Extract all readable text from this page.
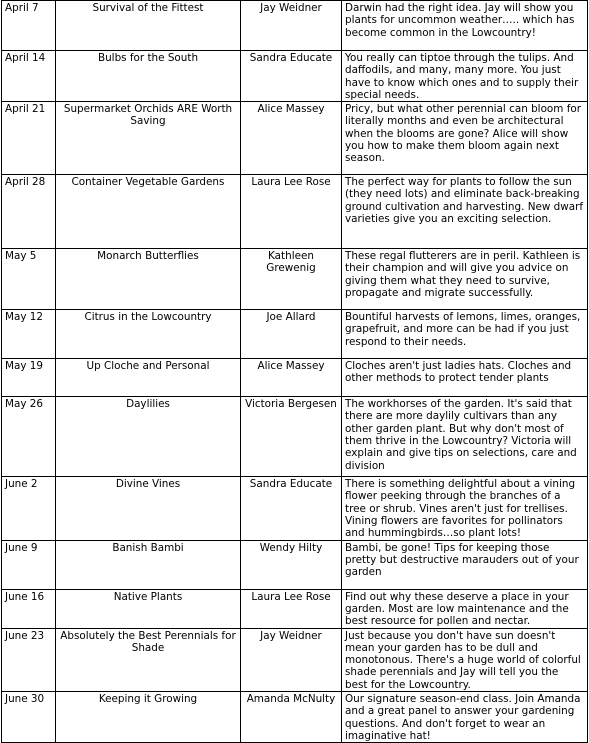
April 7	Survival of the Fittest	Jay Weidner	Darwin had the right idea. Jay will show you plants for uncommon weather….. which has become common in the Lowcountry!
April 14	Bulbs for the South	Sandra Educate	You really can tiptoe through the tulips. And daffodils, and many, many more. You just have to know which ones and to supply their special needs.
April 21	Supermarket Orchids ARE Worth Saving	Alice Massey	Pricy, but what other perennial can bloom for literally months and even be architectural when the blooms are gone? Alice will show you how to make them bloom again next season.
April 28	Container Vegetable Gardens	Laura Lee Rose	The perfect way for plants to follow the sun (they need lots) and eliminate back-breaking ground cultivation and harvesting. New dwarf varieties give you an exciting selection.
May 5	Monarch Butterflies	Kathleen Grewenig	These regal flutterers are in peril. Kathleen is their champion and will give you advice on giving them what they need to survive, propagate and migrate successfully.
May 12	Citrus in the Lowcountry	Joe Allard	Bountiful harvests of lemons, limes, oranges, grapefruit, and more can be had if you just respond to their needs.
May 19	Up Cloche and Personal	Alice Massey	Cloches aren't just ladies hats. Cloches and other methods to protect tender plants
May 26	Daylilies	Victoria Bergesen	The workhorses of the garden. It's said that there are more daylily cultivars than any other garden plant. But why don't most of them thrive in the Lowcountry? Victoria will explain and give tips on selections, care and division
June 2	Divine Vines	Sandra Educate	There is something delightful about a vining flower peeking through the branches of a tree or shrub. Vines aren't just for trellises. Vining flowers are favorites for pollinators and hummingbirds…so plant lots!
June 9	Banish Bambi	Wendy Hilty	Bambi, be gone! Tips for keeping those pretty but destructive marauders out of your garden
June 16	Native Plants	Laura Lee Rose	Find out why these deserve a place in your garden. Most are low maintenance and the best resource for pollen and nectar.
June 23	Absolutely the Best Perennials for Shade	Jay Weidner	Just because you don't have sun doesn't mean your garden has to be dull and monotonous. There's a huge world of colorful shade perennials and Jay will tell you the best for the Lowcountry.
June 30	Keeping it Growing	Amanda McNulty	Our signature season-end class. Join Amanda and a great panel to answer your gardening questions. And don't forget to wear an imaginative hat!
